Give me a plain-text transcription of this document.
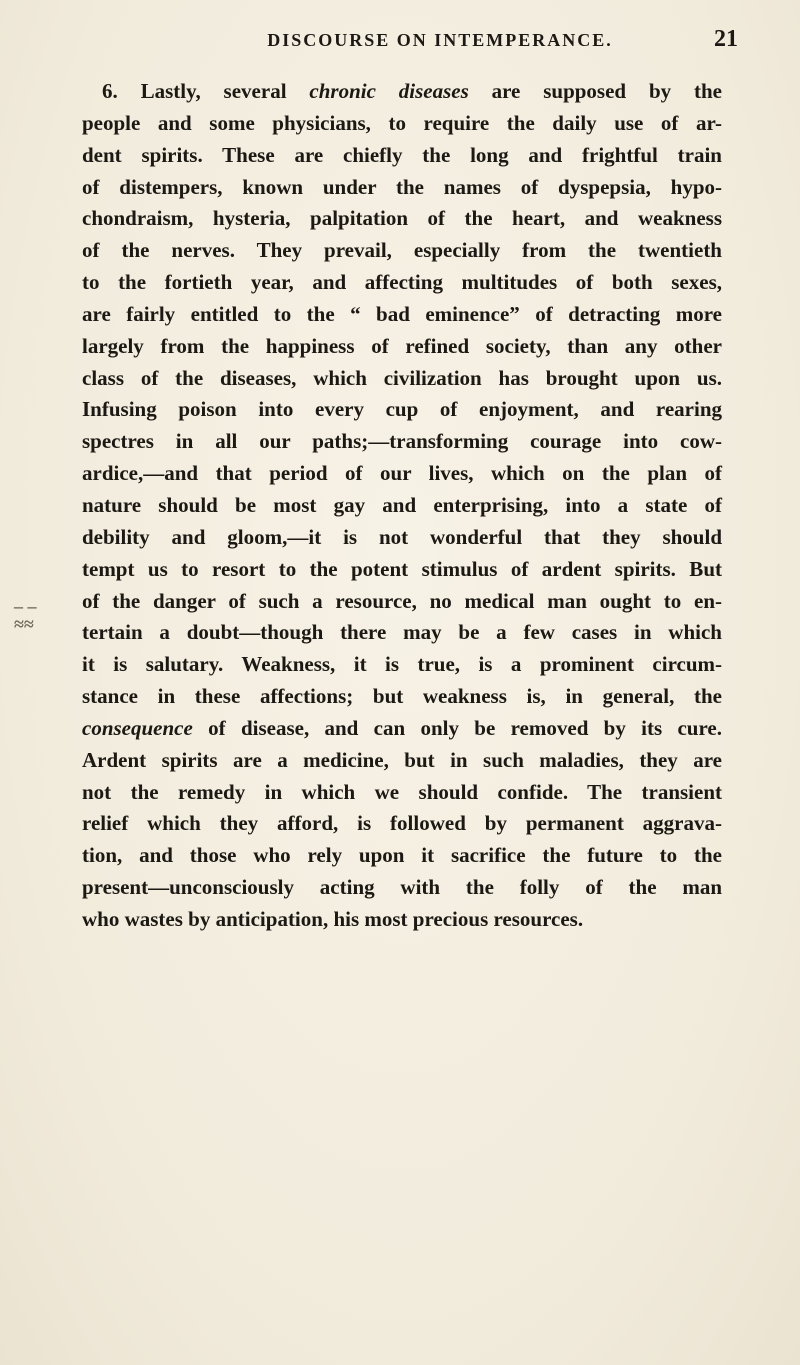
DISCOURSE ON INTEMPERANCE.	21
_ _
≈≈
6. Lastly, several chronic diseases are supposed by the
people and some physicians, to require the daily use of ar-
dent spirits. These are chiefly the long and frightful train
of distempers, known under the names of dyspepsia, hypo-
chondraism, hysteria, palpitation of the heart, and weakness
of the nerves. They prevail, especially from the twentieth
to the fortieth year, and affecting multitudes of both sexes,
are fairly entitled to the “ bad eminence” of detracting more
largely from the happiness of refined society, than any other
class of the diseases, which civilization has brought upon us.
Infusing poison into every cup of enjoyment, and rearing
spectres in all our paths;—transforming courage into cow-
ardice,—and that period of our lives, which on the plan of
nature should be most gay and enterprising, into a state of
debility and gloom,—it is not wonderful that they should
tempt us to resort to the potent stimulus of ardent spirits. But
of the danger of such a resource, no medical man ought to en-
tertain a doubt—though there may be a few cases in which
it is salutary. Weakness, it is true, is a prominent circum-
stance in these affections; but weakness is, in general, the
consequence of disease, and can only be removed by its cure.
Ardent spirits are a medicine, but in such maladies, they are
not the remedy in which we should confide. The transient
relief which they afford, is followed by permanent aggrava-
tion, and those who rely upon it sacrifice the future to the
present—unconsciously acting with the folly of the man
who wastes by anticipation, his most precious resources.
